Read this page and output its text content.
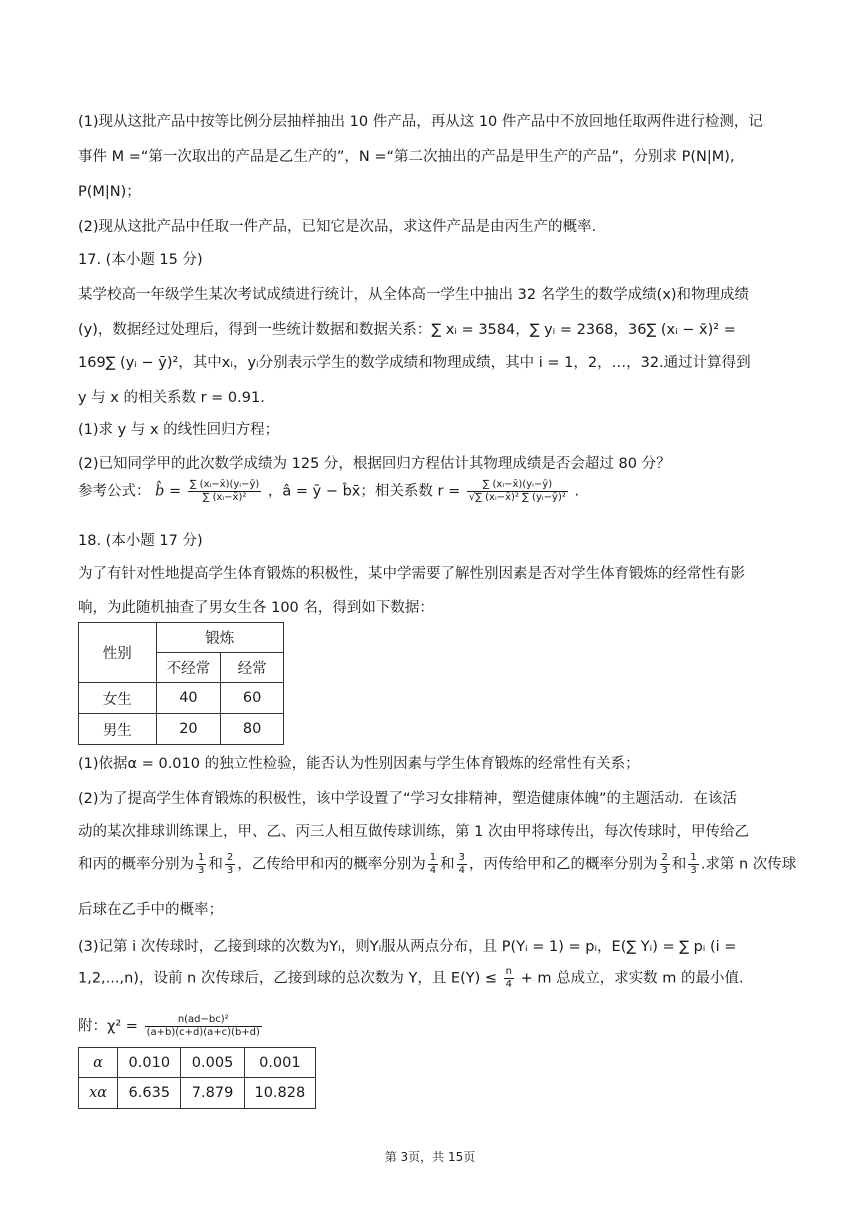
(1)现从这批产品中按等比例分层抽样抽出 10 件产品，再从这 10 件产品中不放回地任取两件进行检测，记
事件 M =“第一次取出的产品是乙生产的”，N =“第二次抽出的产品是甲生产的产品”，分别求 P(N|M),
P(M|N)；
(2)现从这批产品中任取一件产品，已知它是次品，求这件产品是由丙生产的概率.
17. (本小题 15 分)
某学校高一年级学生某次考试成绩进行统计，从全体高一学生中抽出 32 名学生的数学成绩(x)和物理成绩
(y)，数据经过处理后，得到一些统计数据和数据关系：∑ xᵢ = 3584，∑ yᵢ = 2368，36∑ (xᵢ − x̄)² =
169∑ (yᵢ − ȳ)²，其中xᵢ，yᵢ分别表示学生的数学成绩和物理成绩，其中 i = 1，2，…，32.通过计算得到
y 与 x 的相关系数 r = 0.91.
(1)求 y 与 x 的线性回归方程；
(2)已知同学甲的此次数学成绩为 125 分，根据回归方程估计其物理成绩是否会超过 80 分？
参考公式： b̂ = $\frac{\text{∑ (xᵢ−x̄)(yᵢ−ȳ)}}{\text{∑ (xᵢ−x̄)²}}$ ，â = ȳ − b̂x̄；相关系数 $r = \frac{\text{∑ (xᵢ−x̄)(yᵢ−ȳ)}}{\text{√∑ (xᵢ−x̄)² ∑ (yᵢ−ȳ)²}}$ .
18. (本小题 17 分)
为了有针对性地提高学生体育锻炼的积极性，某中学需要了解性别因素是否对学生体育锻炼的经常性有影
响，为此随机抽查了男女生各 100 名，得到如下数据：
性别	锻炼	
	不经常	经常
女生	40	60
男生	20	80
(1)依据α = 0.010 的独立性检验，能否认为性别因素与学生体育锻炼的经常性有关系；
(2)为了提高学生体育锻炼的积极性，该中学设置了“学习女排精神，塑造健康体魄”的主题活动．在该活
动的某次排球训练课上，甲、乙、丙三人相互做传球训练，第 1 次由甲将球传出，每次传球时，甲传给乙
和丙的概率分别为 $\frac{1}{3}$ 和 $\frac{2}{3}$ ，乙传给甲和丙的概率分别为 $\frac{1}{4}$ 和 $\frac{3}{4}$ ，丙传给甲和乙的概率分别为 $\frac{2}{3}$ 和 $\frac{1}{3}$ .求第 n 次传球
后球在乙手中的概率；
(3)记第 i 次传球时，乙接到球的次数为Yᵢ，则Yᵢ服从两点分布，且 P(Yᵢ = 1) = pᵢ，E(∑ Yᵢ) = ∑ pᵢ (i =
1,2,...,n)，设前 n 次传球后，乙接到球的总次数为 Y，且 $E(Y) \le \frac{n}{4} + m$ 总成立，求实数 m 的最小值.
附：$\chi^2 = \frac{\text{n(ad−bc)²}}{(a+b)(c+d)(a+c)(b+d)}$
α	0.010	0.005	0.001
xα	6.635	7.879	10.828
第 3页，共 15页
